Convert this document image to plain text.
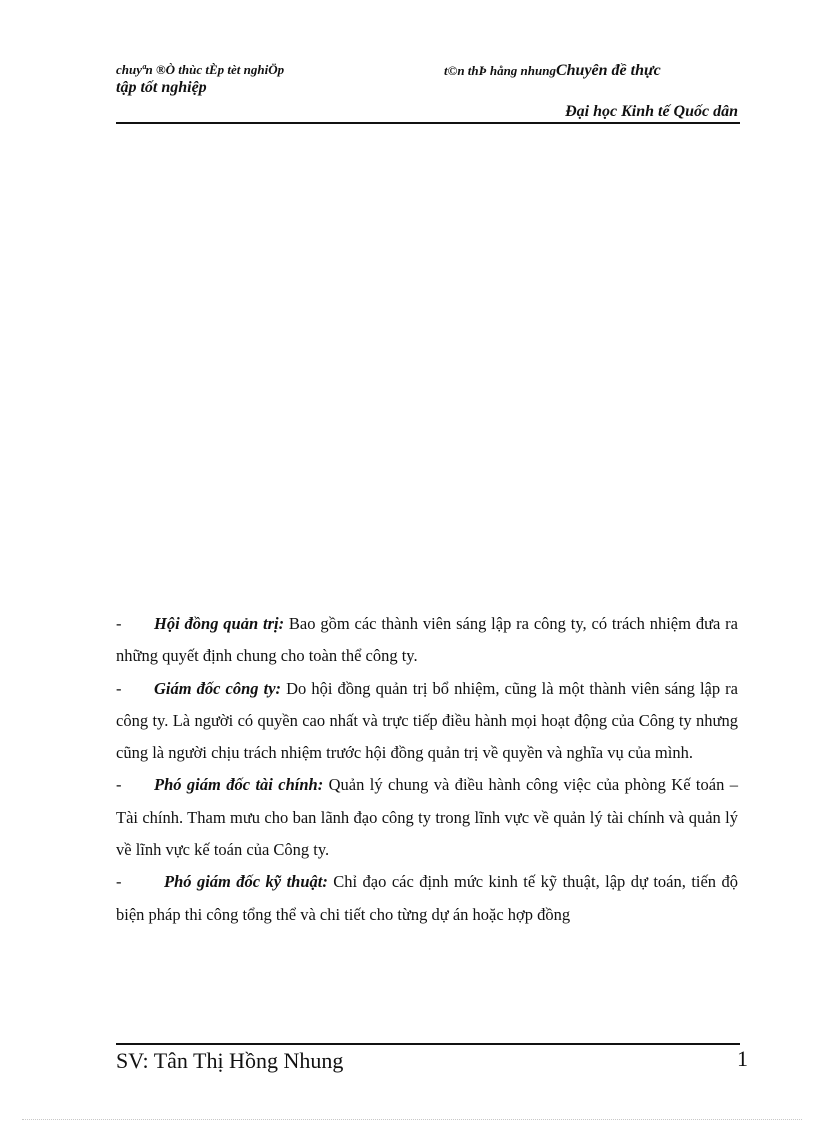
chuyªn ®Ò thùc tÈp tèt nghiÖp	t©n thÞ hång nhungChuyên đề thực
tập tốt nghiệp
Đại học Kinh tế Quốc dân

- Hội đồng quản trị: Bao gồm các thành viên sáng lập ra công ty, có trách nhiệm đưa ra những quyết định chung cho toàn thể công ty.

- Giám đốc công ty: Do hội đồng quản trị bổ nhiệm, cũng là một thành viên sáng lập ra công ty. Là người có quyền cao nhất và trực tiếp điều hành mọi hoạt động của Công ty nhưng cũng là người chịu trách nhiệm trước hội đồng quản trị về quyền và nghĩa vụ của mình.

- Phó giám đốc tài chính: Quản lý chung và điều hành công việc của phòng Kế toán – Tài chính. Tham mưu cho ban lãnh đạo công ty trong lĩnh vực về quản lý tài chính và quản lý về lĩnh vực kế toán của Công ty.

-	Phó giám đốc kỹ thuật: Chỉ đạo các định mức kinh tế kỹ thuật, lập dự toán, tiến độ biện pháp thi công tổng thể và chi tiết cho từng dự án hoặc hợp đồng

SV: Tân Thị Hồng Nhung	1
